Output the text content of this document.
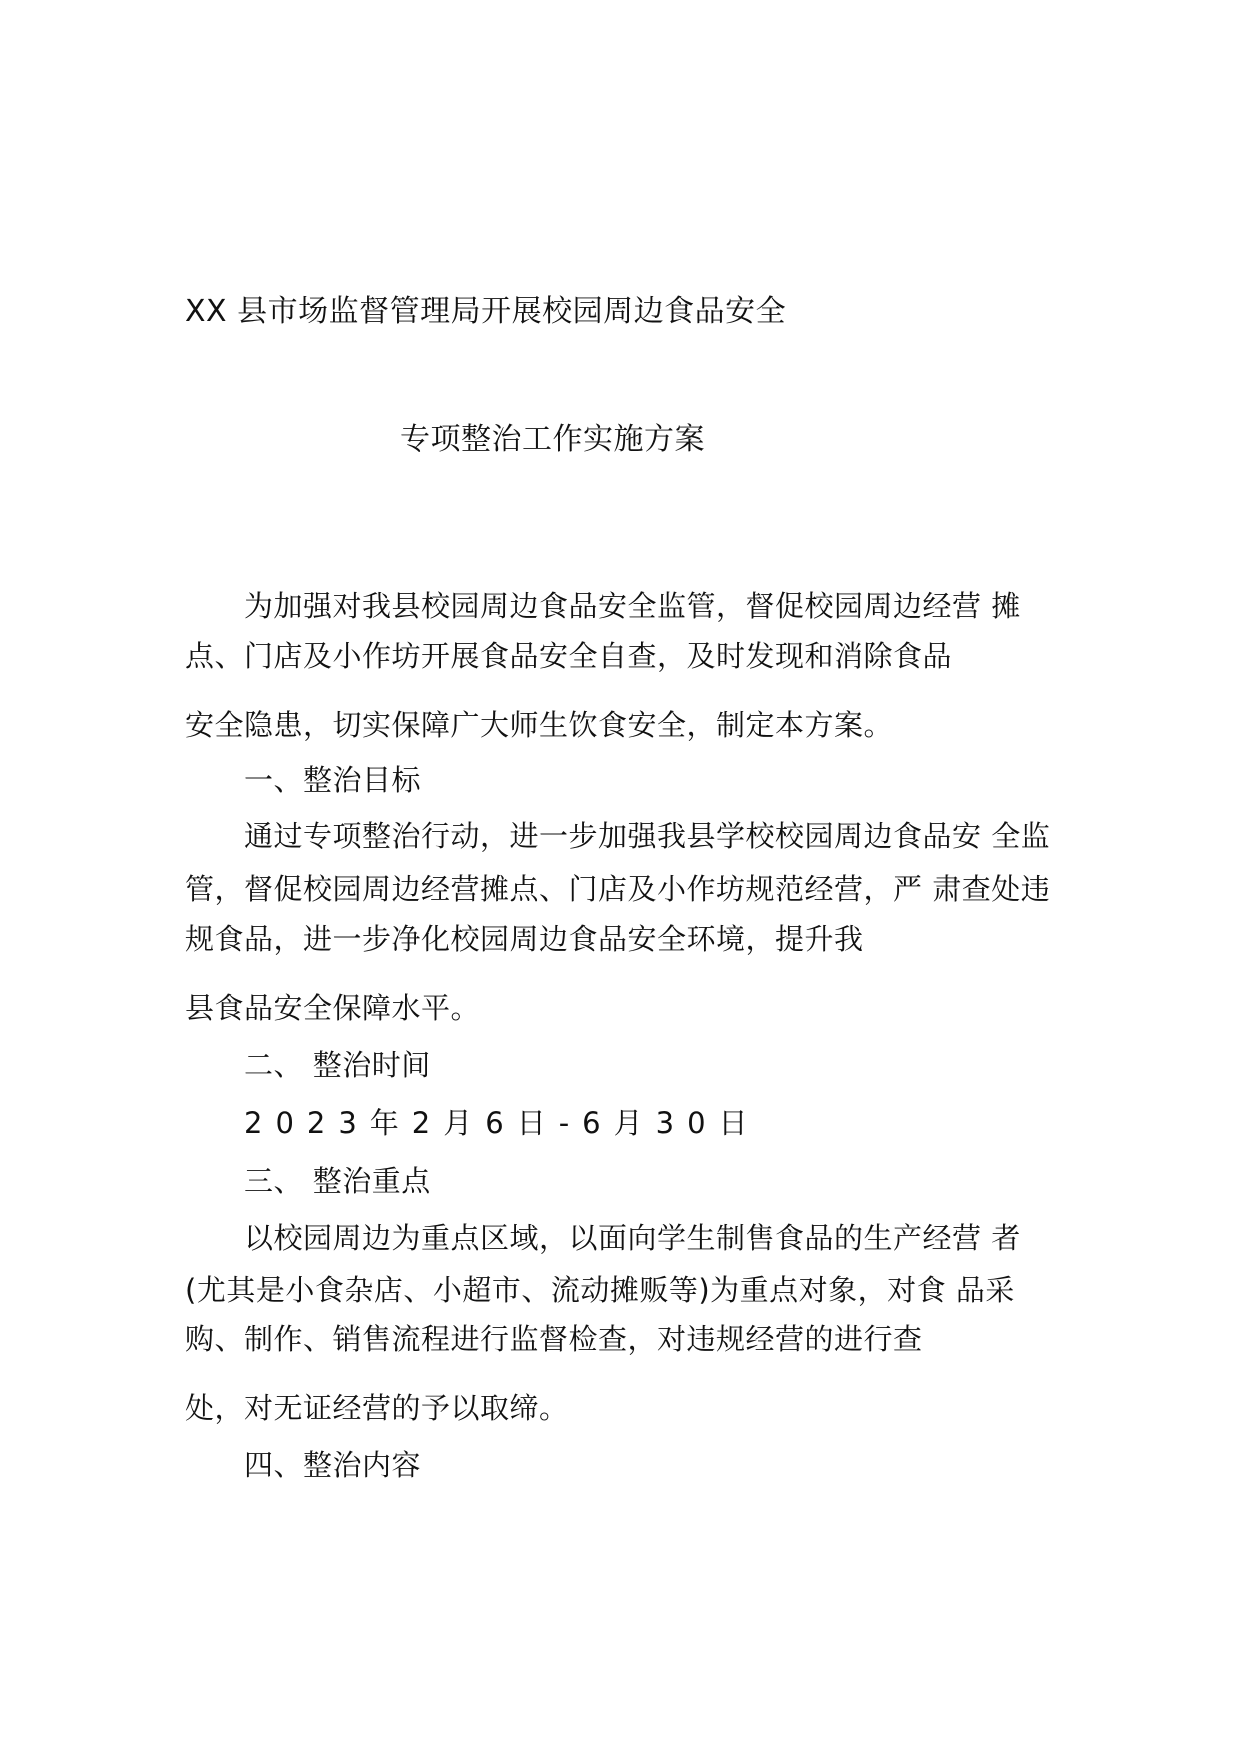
XX 县市场监督管理局开展校园周边食品安全
专项整治工作实施方案
为加强对我县校园周边食品安全监管，督促校园周边经营 摊
点、门店及小作坊开展食品安全自查，及时发现和消除食品
安全隐患，切实保障广大师生饮食安全，制定本方案。
一、整治目标
通过专项整治行动，进一步加强我县学校校园周边食品安 全监
管，督促校园周边经营摊点、门店及小作坊规范经营，严 肃查处违
规食品，进一步净化校园周边食品安全环境，提升我
县食品安全保障水平。
二、 整治时间
2023年2月6日-6月30日
三、 整治重点
以校园周边为重点区域，以面向学生制售食品的生产经营 者
(尤其是小食杂店、小超市、流动摊贩等)为重点对象，对食 品采
购、制作、销售流程进行监督检查，对违规经营的进行查
处，对无证经营的予以取缔。
四、整治内容
